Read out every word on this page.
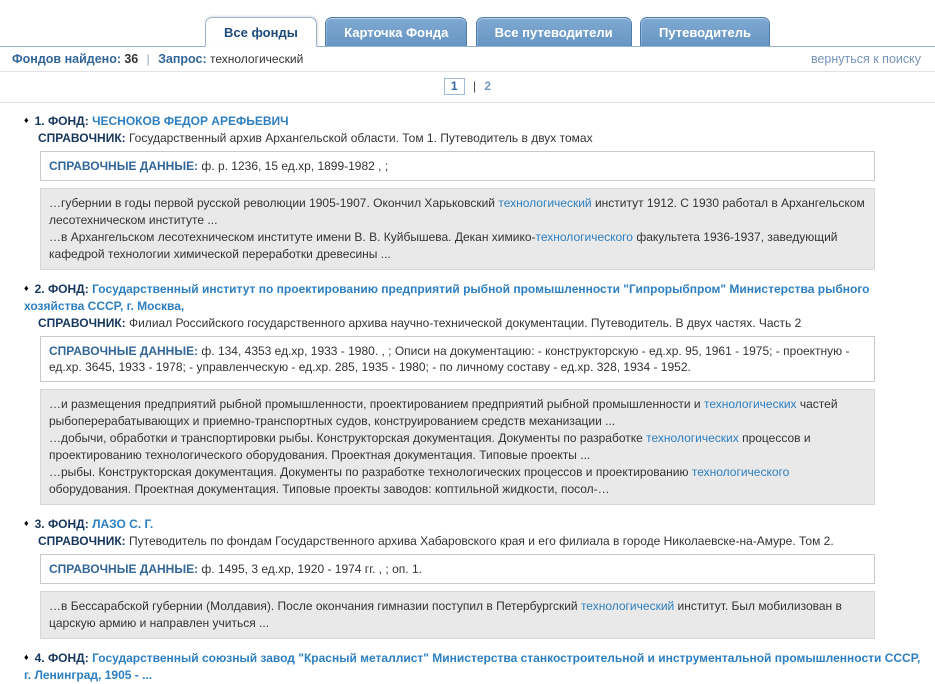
Все фонды	Карточка Фонда	Все путеводители	Путеводитель
Фондов найдено: 36 | Запрос: технологический	вернуться к поиску
1 | 2
♦ 1. ФОНД: ЧЕСНОКОВ ФЕДОР АРЕФЬЕВИЧ
СПРАВОЧНИК: Государственный архив Архангельской области. Том 1. Путеводитель в двух томах
СПРАВОЧНЫЕ ДАННЫЕ: ф. р. 1236, 15 ед.хр, 1899-1982 , ;
…губернии в годы первой русской революции 1905-1907. Окончил Харьковский технологический институт 1912. С 1930 работал в Архангельском лесотехническом институте ...
…в Архангельском лесотехническом институте имени В. В. Куйбышева. Декан химико-технологического факультета 1936-1937, заведующий кафедрой технологии химической переработки древесины ...
♦ 2. ФОНД: Государственный институт по проектированию предприятий рыбной промышленности "Гипрорыбпром" Министерства рыбного хозяйства СССР, г. Москва,
СПРАВОЧНИК: Филиал Российского государственного архива научно-технической документации. Путеводитель. В двух частях. Часть 2
СПРАВОЧНЫЕ ДАННЫЕ: ф. 134, 4353 ед.хр, 1933 - 1980. , ; Описи на документацию: - конструкторскую - ед.хр. 95, 1961 - 1975; - проектную - ед.хр. 3645, 1933 - 1978; - управленческую - ед.хр. 285, 1935 - 1980; - по личному составу - ед.хр. 328, 1934 - 1952.
…и размещения предприятий рыбной промышленности, проектированием предприятий рыбной промышленности и технологических частей рыбоперерабатывающих и приемно-транспортных судов, конструированием средств механизации ...
…добычи, обработки и транспортировки рыбы. Конструкторская документация. Документы по разработке технологических процессов и проектированию технологического оборудования. Проектная документация. Типовые проекты ...
…рыбы. Конструкторская документация. Документы по разработке технологических процессов и проектированию технологического оборудования. Проектная документация. Типовые проекты заводов: коптильной жидкости, посол-…
♦ 3. ФОНД: ЛАЗО С. Г.
СПРАВОЧНИК: Путеводитель по фондам Государственного архива Хабаровского края и его филиала в городе Николаевске-на-Амуре. Том 2.
СПРАВОЧНЫЕ ДАННЫЕ: ф. 1495, 3 ед.хр, 1920 - 1974 гг. , ; оп. 1.
…в Бессарабской губернии (Молдавия). После окончания гимназии поступил в Петербургский технологический институт. Был мобилизован в царскую армию и направлен учиться ...
♦ 4. ФОНД: Государственный союзный завод "Красный металлист" Министерства станкостроительной и инструментальной промышленности СССР, г. Ленинград, 1905 - ...
